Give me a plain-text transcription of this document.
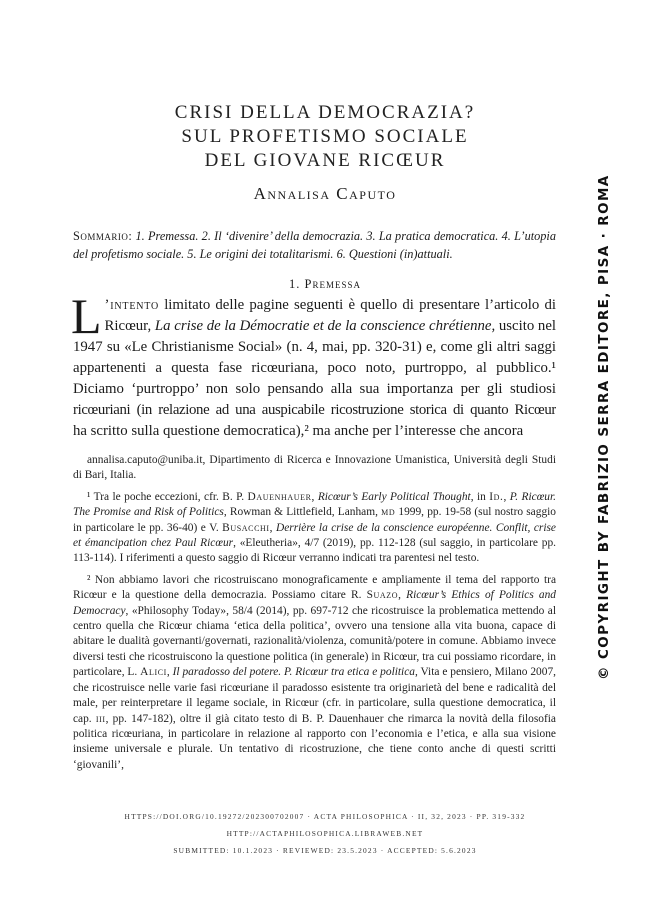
CRISI DELLA DEMOCRAZIA?
SUL PROFETISMO SOCIALE
DEL GIOVANE RICŒUR
Annalisa Caputo
Sommario: 1. Premessa. 2. Il ‘divenire’ della democrazia. 3. La pratica democratica. 4. L’utopia del profetismo sociale. 5. Le origini dei totalitarismi. 6. Questioni (in)attuali.
1. Premessa
L ’intento limitato delle pagine seguenti è quello di presentare l’articolo di
Ricœur, La crise de la Démocratie et de la conscience chrétienne, uscito nel
1947 su «Le Christianisme Social» (n. 4, mai, pp. 320-31) e, come gli altri saggi
appartenenti a questa fase ricœuriana, poco noto, purtroppo, al pubblico.¹
Diciamo ‘purtroppo’ non solo pensando alla sua importanza per gli studiosi
ricœuriani (in relazione ad una auspicabile ricostruzione storica di quanto Ricœur
ha scritto sulla questione democratica),² ma anche per l’interesse che ancora

annalisa.caputo@uniba.it, Dipartimento di Ricerca e Innovazione Umanistica, Università degli Studi di Bari, Italia.

¹ Tra le poche eccezioni, cfr. B. P. Dauenhauer, Ricœur’s Early Political Thought, in Id., P. Ricœur. The Promise and Risk of Politics, Rowman & Littlefield, Lanham, md 1999, pp. 19-58 (sul nostro saggio in particolare le pp. 36-40) e V. Busacchi, Derrière la crise de la conscience européenne. Conflit, crise et émancipation chez Paul Ricœur, «Eleutheria», 4/7 (2019), pp. 112-128 (sul saggio, in particolare pp. 113-114). I riferimenti a questo saggio di Ricœur verranno indicati tra parentesi nel testo.

² Non abbiamo lavori che ricostruiscano monograficamente e ampliamente il tema del rapporto tra Ricœur e la questione della democrazia. Possiamo citare R. Suazo, Ricœur’s Ethics of Politics and Democracy, «Philosophy Today», 58/4 (2014), pp. 697-712 che ricostruisce la problematica mettendo al centro quella che Ricœur chiama ‘etica della politica’, ovvero una tensione alla vita buona, capace di abitare le dualità governanti/governati, razionalità/violenza, comunità/potere in comune. Abbiamo invece diversi testi che ricostruiscono la questione politica (in generale) in Ricœur, tra cui possiamo ricordare, in particolare, L. Alici, Il paradosso del potere. P. Ricœur tra etica e politica, Vita e pensiero, Milano 2007, che ricostruisce nelle varie fasi ricœuriane il paradosso esistente tra originarietà del bene e radicalità del male, per reinterpretare il legame sociale, in Ricœur (cfr. in particolare, sulla questione democratica, il cap. iii, pp. 147-182), oltre il già citato testo di B. P. Dauenhauer che rimarca la novità della filosofia politica ricœuriana, in particolare in relazione al rapporto con l’economia e l’etica, e alla sua visione insieme universale e plurale. Un tentativo di ricostruzione, che tiene conto anche di questi scritti ‘giovanili’,

HTTPS://DOI.ORG/10.19272/202300702007 · ACTA PHILOSOPHICA · II, 32, 2023 · PP. 319-332
HTTP://ACTAPHILOSOPHICA.LIBRAWEB.NET
SUBMITTED: 10.1.2023 · REVIEWED: 23.5.2023 · ACCEPTED: 5.6.2023
© COPYRIGHT BY FABRIZIO SERRA EDITORE, PISA · ROMA
